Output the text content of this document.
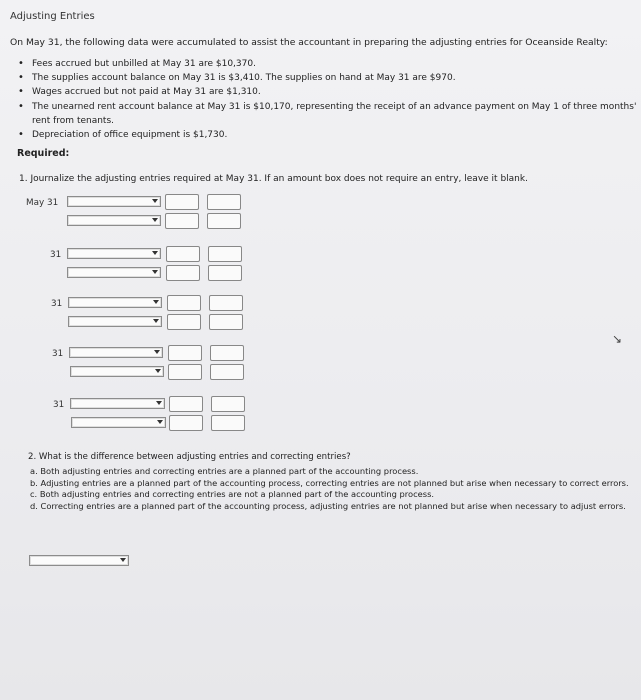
Adjusting Entries
On May 31, the following data were accumulated to assist the accountant in preparing the adjusting entries for Oceanside Realty:
• Fees accrued but unbilled at May 31 are $10,370.
• The supplies account balance on May 31 is $3,410. The supplies on hand at May 31 are $970.
• Wages accrued but not paid at May 31 are $1,310.
• The unearned rent account balance at May 31 is $10,170, representing the receipt of an advance payment on May 1 of three months' rent from tenants.
• Depreciation of office equipment is $1,730.
Required:
1. Journalize the adjusting entries required at May 31. If an amount box does not require an entry, leave it blank.
May 31
31
31
31
31
↘
2. What is the difference between adjusting entries and correcting entries?
a. Both adjusting entries and correcting entries are a planned part of the accounting process.
b. Adjusting entries are a planned part of the accounting process, correcting entries are not planned but arise when necessary to correct errors.
c. Both adjusting entries and correcting entries are not a planned part of the accounting process.
d. Correcting entries are a planned part of the accounting process, adjusting entries are not planned but arise when necessary to adjust errors.
